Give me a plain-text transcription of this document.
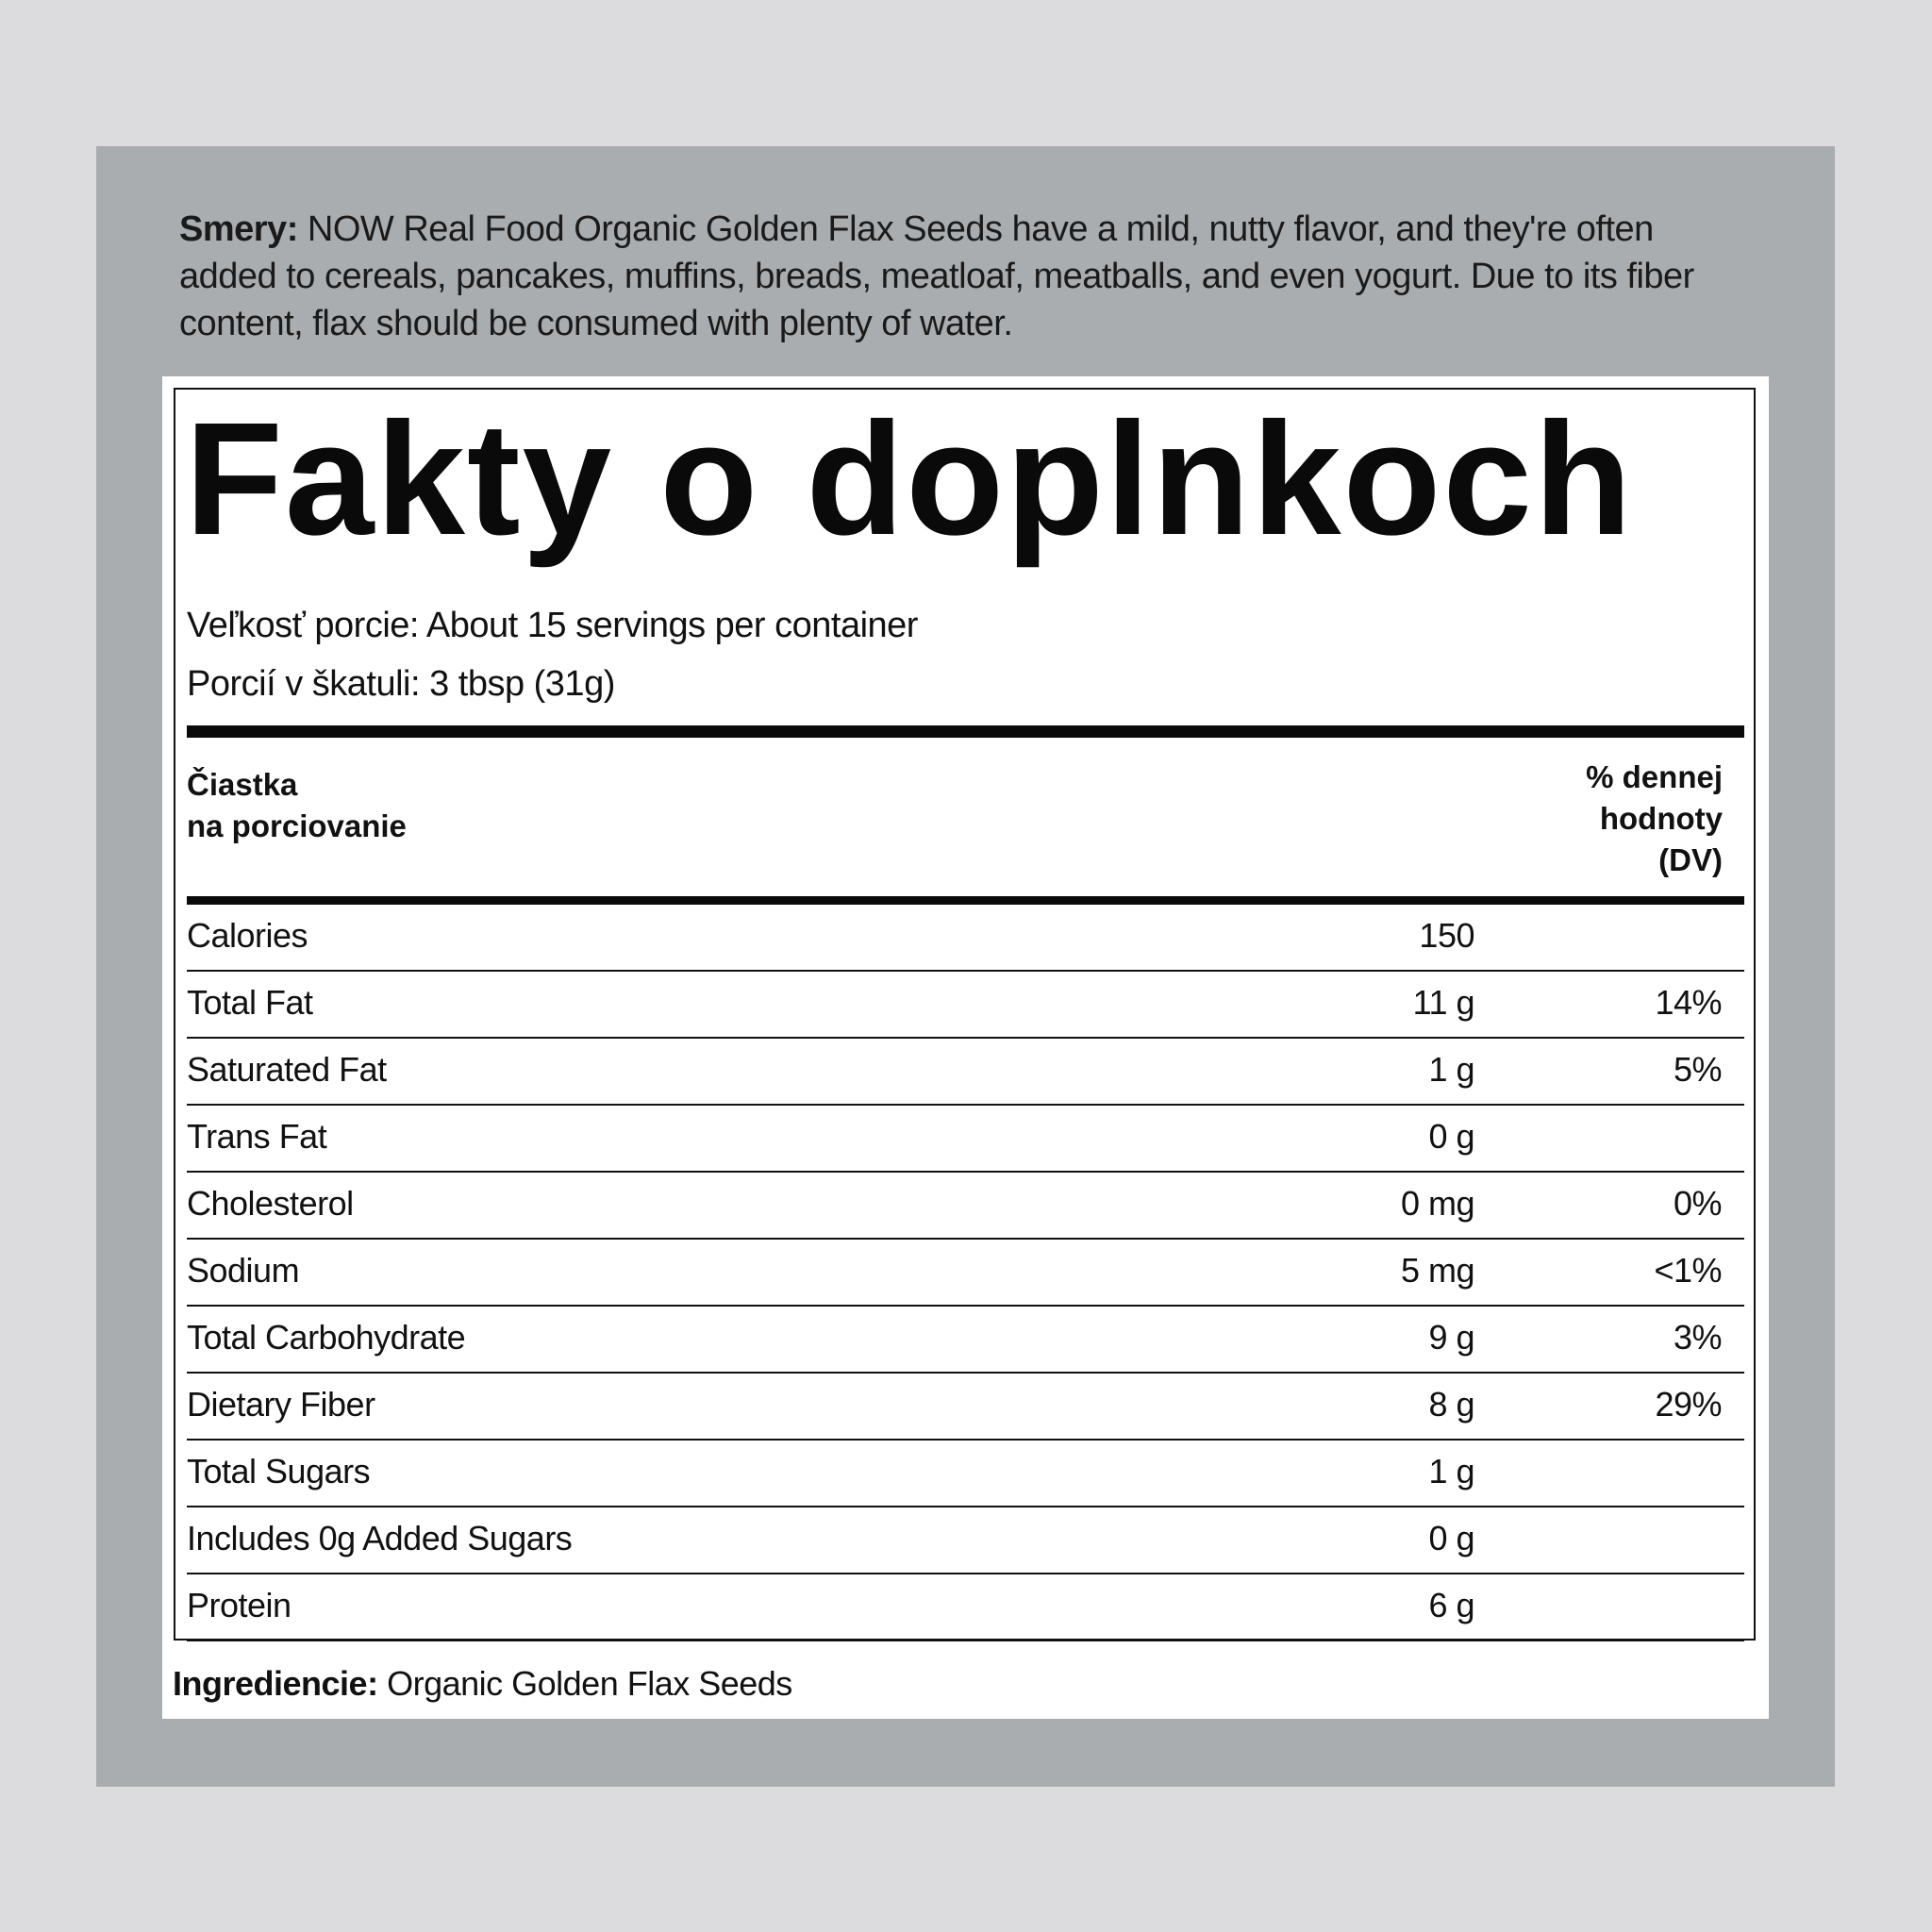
Smery: NOW Real Food Organic Golden Flax Seeds have a mild, nutty flavor, and they're often added to cereals, pancakes, muffins, breads, meatloaf, meatballs, and even yogurt. Due to its fiber content, flax should be consumed with plenty of water.
Fakty o doplnkoch
Veľkosť porcie: About 15 servings per container
Porcií v škatuli: 3 tbsp (31g)
Čiastka
na porciovanie
% dennej
hodnoty
(DV)
Calories	150
Total Fat	11 g	14%
Saturated Fat	1 g	5%
Trans Fat	0 g
Cholesterol	0 mg	0%
Sodium	5 mg	<1%
Total Carbohydrate	9 g	3%
Dietary Fiber	8 g	29%
Total Sugars	1 g
Includes 0g Added Sugars	0 g
Protein	6 g
Ingrediencie: Organic Golden Flax Seeds
